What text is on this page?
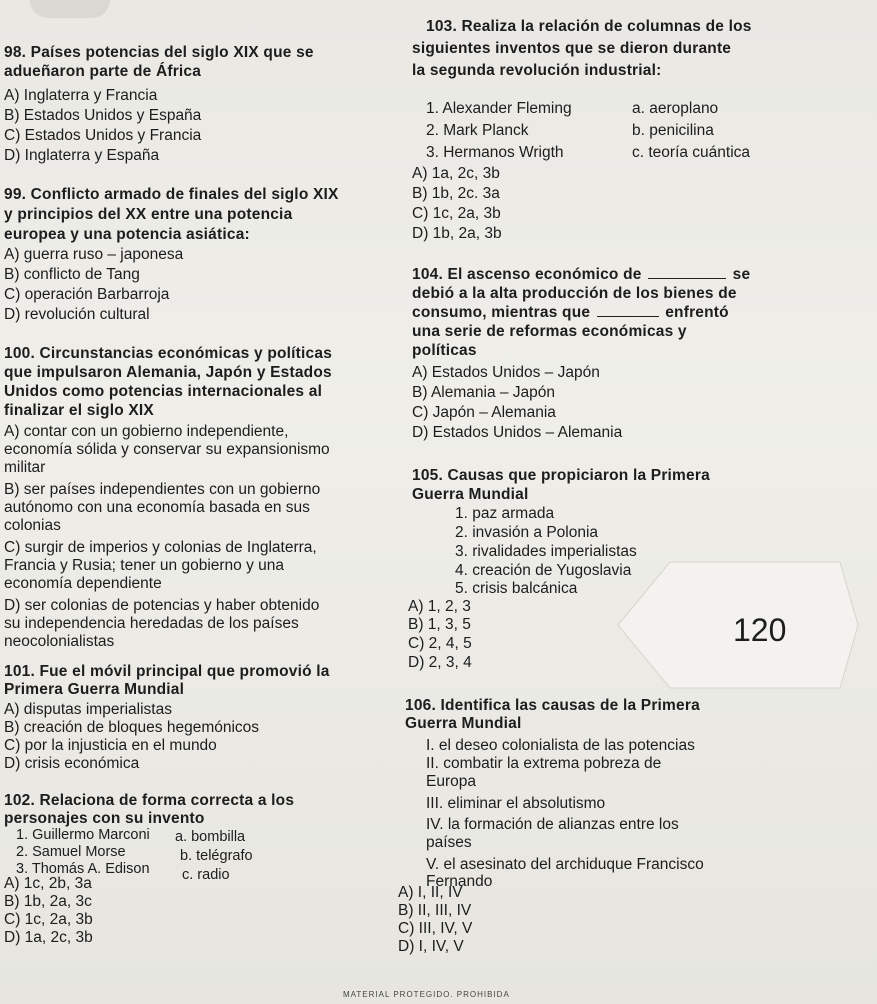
98. Países potencias del siglo XIX que se
adueñaron parte de África
A) Inglaterra y Francia
B) Estados Unidos y España
C) Estados Unidos y Francia
D) Inglaterra y España
99. Conflicto armado de finales del siglo XIX
y principios del XX entre una potencia
europea y una potencia asiática:
A) guerra ruso – japonesa
B) conflicto de Tang
C) operación Barbarroja
D) revolución cultural
100. Circunstancias económicas y políticas
que impulsaron Alemania, Japón y Estados
Unidos como potencias internacionales al
finalizar el siglo XIX
A) contar con un gobierno independiente,
economía sólida y conservar su expansionismo
militar
B) ser países independientes con un gobierno
autónomo con una economía basada en sus
colonias
C) surgir de imperios y colonias de Inglaterra,
Francia y Rusia; tener un gobierno y una
economía dependiente
D) ser colonias de potencias y haber obtenido
su independencia heredadas de los países
neocolonialistas
101. Fue el móvil principal que promovió la
Primera Guerra Mundial
A) disputas imperialistas
B) creación de bloques hegemónicos
C) por la injusticia en el mundo
D) crisis económica
102. Relaciona de forma correcta a los
personajes con su invento
1. Guillermo Marconi
2. Samuel Morse
3. Thomás A. Edison
a. bombilla
b. telégrafo
c. radio
A) 1c, 2b, 3a
B) 1b, 2a, 3c
C) 1c, 2a, 3b
D) 1a, 2c, 3b
103. Realiza la relación de columnas de los
siguientes inventos que se dieron durante
la segunda revolución industrial:
1. Alexander Fleming
2. Mark Planck
3. Hermanos Wrigth
a. aeroplano
b. penicilina
c. teoría cuántica
A) 1a, 2c, 3b
B) 1b, 2c. 3a
C) 1c, 2a, 3b
D) 1b, 2a, 3b
104. El ascenso económico de	se
debió a la alta producción de los bienes de
consumo, mientras que	enfrentó
una serie de reformas económicas y
políticas
A) Estados Unidos – Japón
B) Alemania – Japón
C) Japón – Alemania
D) Estados Unidos – Alemania
105. Causas que propiciaron la Primera
Guerra Mundial
1. paz armada
2. invasión a Polonia
3. rivalidades imperialistas
4. creación de Yugoslavia
5. crisis balcánica
A) 1, 2, 3
B) 1, 3, 5
C) 2, 4, 5
D) 2, 3, 4
120
106. Identifica las causas de la Primera
Guerra Mundial
I. el deseo colonialista de las potencias
II. combatir la extrema pobreza de
Europa
III. eliminar el absolutismo
IV. la formación de alianzas entre los
países
V. el asesinato del archiduque Francisco
Fernando
A) I, II, IV
B) II, III, IV
C) III, IV, V
D) I, IV, V
MATERIAL PROTEGIDO. PROHIBIDA
